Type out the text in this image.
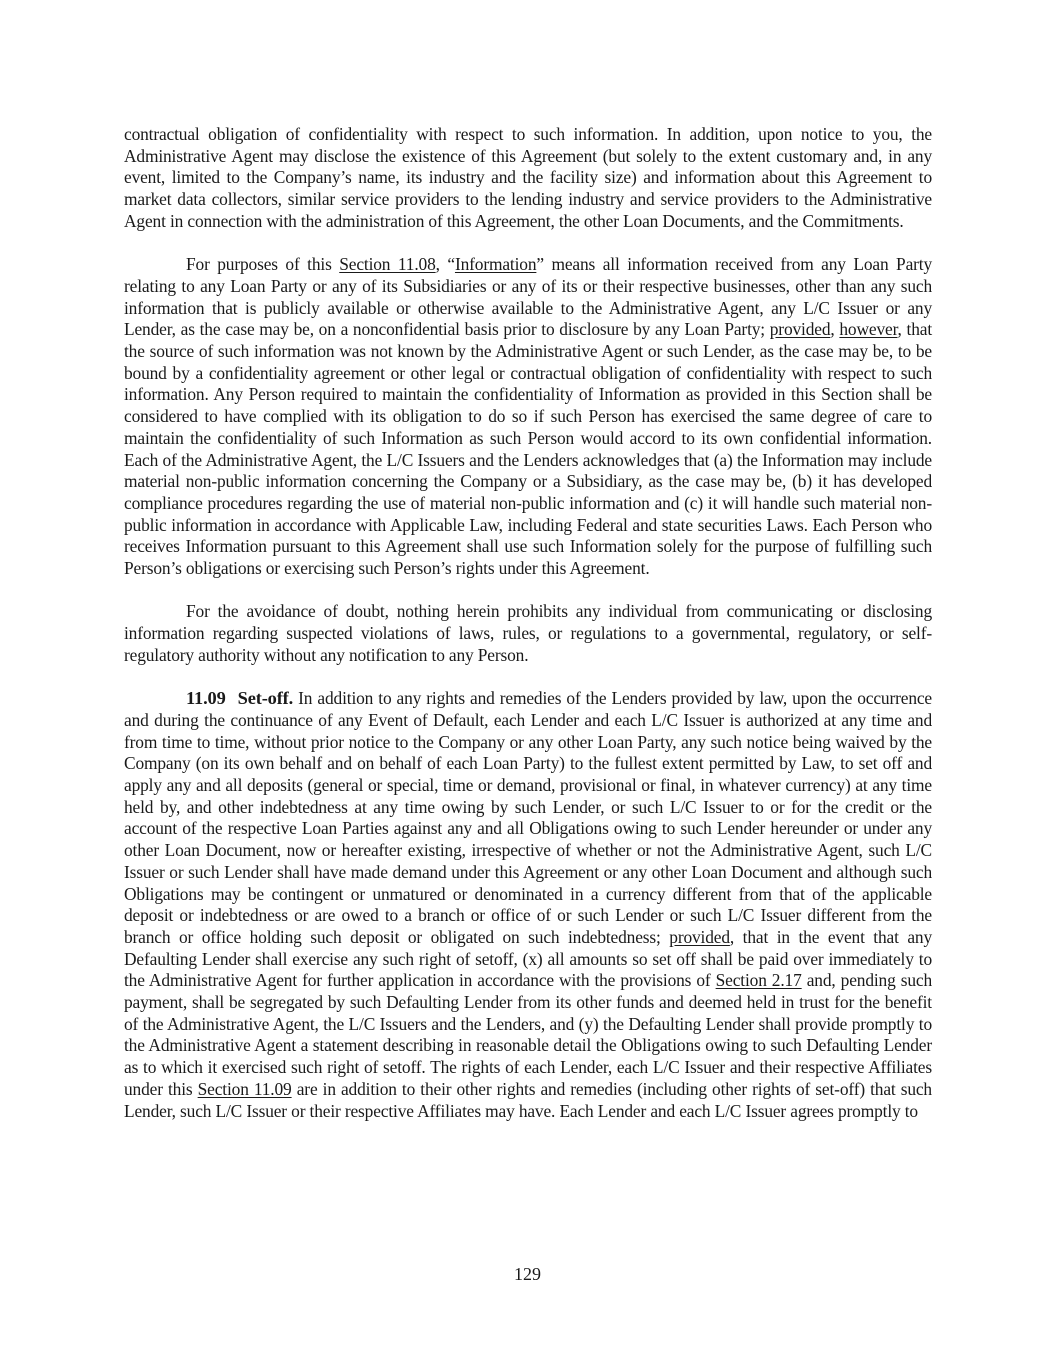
contractual obligation of confidentiality with respect to such information. In addition, upon notice to you, the Administrative Agent may disclose the existence of this Agreement (but solely to the extent customary and, in any event, limited to the Company’s name, its industry and the facility size) and information about this Agreement to market data collectors, similar service providers to the lending industry and service providers to the Administrative Agent in connection with the administration of this Agreement, the other Loan Documents, and the Commitments.

For purposes of this Section 11.08, “Information” means all information received from any Loan Party relating to any Loan Party or any of its Subsidiaries or any of its or their respective businesses, other than any such information that is publicly available or otherwise available to the Administrative Agent, any L/C Issuer or any Lender, as the case may be, on a nonconfidential basis prior to disclosure by any Loan Party; provided, however, that the source of such information was not known by the Administrative Agent or such Lender, as the case may be, to be bound by a confidentiality agreement or other legal or contractual obligation of confidentiality with respect to such information. Any Person required to maintain the confidentiality of Information as provided in this Section shall be considered to have complied with its obligation to do so if such Person has exercised the same degree of care to maintain the confidentiality of such Information as such Person would accord to its own confidential information. Each of the Administrative Agent, the L/C Issuers and the Lenders acknowledges that (a) the Information may include material non-public information concerning the Company or a Subsidiary, as the case may be, (b) it has developed compliance procedures regarding the use of material non-public information and (c) it will handle such material non-public information in accordance with Applicable Law, including Federal and state securities Laws. Each Person who receives Information pursuant to this Agreement shall use such Information solely for the purpose of fulfilling such Person’s obligations or exercising such Person’s rights under this Agreement.

For the avoidance of doubt, nothing herein prohibits any individual from communicating or disclosing information regarding suspected violations of laws, rules, or regulations to a governmental, regulatory, or self-regulatory authority without any notification to any Person.

11.09 Set-off. In addition to any rights and remedies of the Lenders provided by law, upon the occurrence and during the continuance of any Event of Default, each Lender and each L/C Issuer is authorized at any time and from time to time, without prior notice to the Company or any other Loan Party, any such notice being waived by the Company (on its own behalf and on behalf of each Loan Party) to the fullest extent permitted by Law, to set off and apply any and all deposits (general or special, time or demand, provisional or final, in whatever currency) at any time held by, and other indebtedness at any time owing by such Lender, or such L/C Issuer to or for the credit or the account of the respective Loan Parties against any and all Obligations owing to such Lender hereunder or under any other Loan Document, now or hereafter existing, irrespective of whether or not the Administrative Agent, such L/C Issuer or such Lender shall have made demand under this Agreement or any other Loan Document and although such Obligations may be contingent or unmatured or denominated in a currency different from that of the applicable deposit or indebtedness or are owed to a branch or office of or such Lender or such L/C Issuer different from the branch or office holding such deposit or obligated on such indebtedness; provided, that in the event that any Defaulting Lender shall exercise any such right of setoff, (x) all amounts so set off shall be paid over immediately to the Administrative Agent for further application in accordance with the provisions of Section 2.17 and, pending such payment, shall be segregated by such Defaulting Lender from its other funds and deemed held in trust for the benefit of the Administrative Agent, the L/C Issuers and the Lenders, and (y) the Defaulting Lender shall provide promptly to the Administrative Agent a statement describing in reasonable detail the Obligations owing to such Defaulting Lender as to which it exercised such right of setoff. The rights of each Lender, each L/C Issuer and their respective Affiliates under this Section 11.09 are in addition to their other rights and remedies (including other rights of set-off) that such Lender, such L/C Issuer or their respective Affiliates may have. Each Lender and each L/C Issuer agrees promptly to

129
